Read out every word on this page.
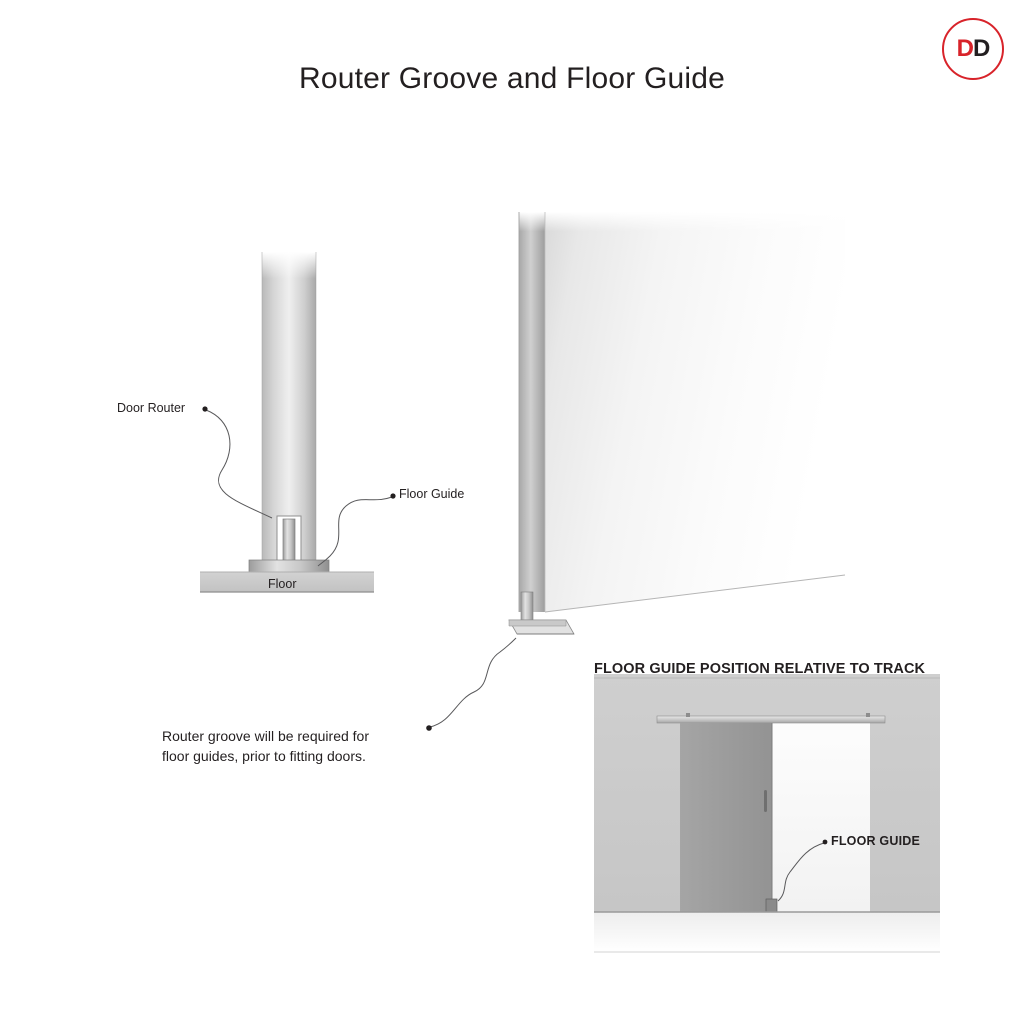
Router Groove and Floor Guide
DD
Door Router
Floor Guide
Floor
Router groove will be required for
floor guides, prior to fitting doors.
FLOOR GUIDE POSITION RELATIVE TO TRACK
FLOOR GUIDE
